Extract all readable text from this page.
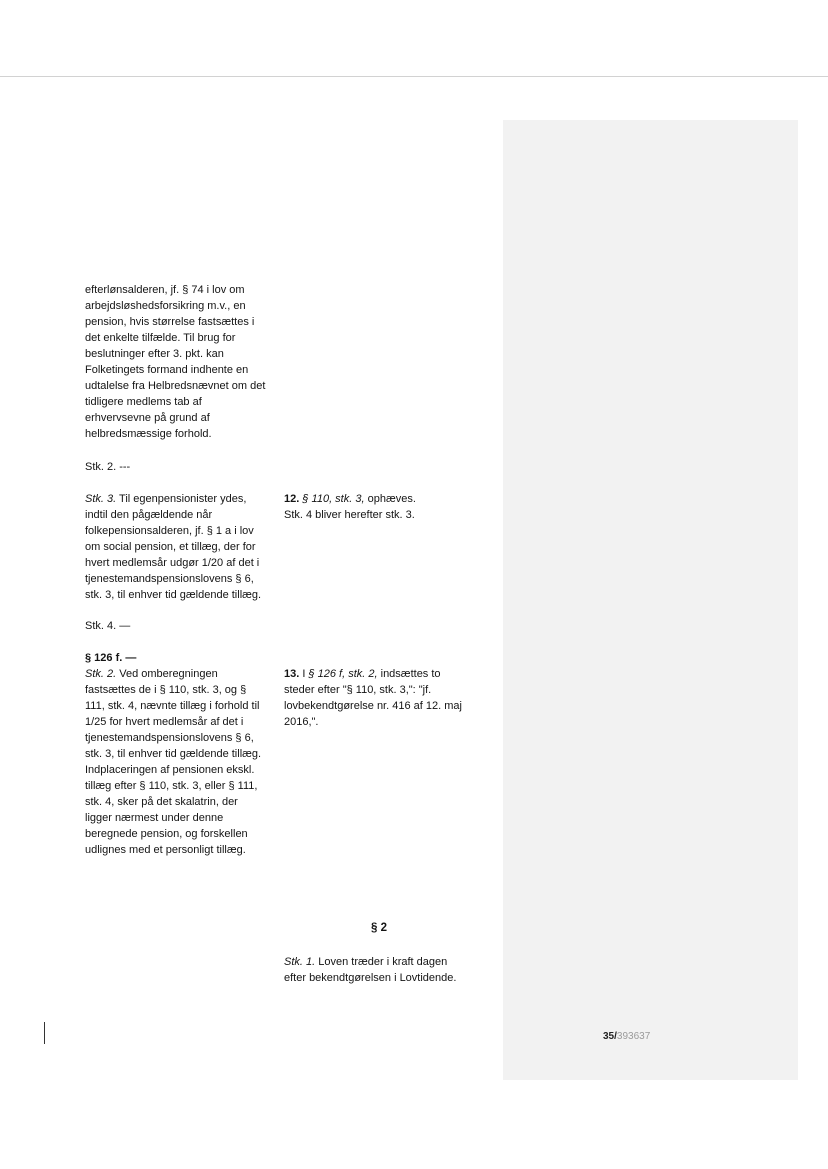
efterlønsalderen, jf. § 74 i lov om
arbejdsløshedsforsikring m.v., en
pension, hvis størrelse fastsættes i
det enkelte tilfælde. Til brug for
beslutninger efter 3. pkt. kan
Folketingets formand indhente en
udtalelse fra Helbredsnævnet om det
tidligere medlems tab af
erhvervsevne på grund af
helbredsmæssige forhold.

Stk. 2. ---

Stk. 3. Til egenpensionister ydes,
indtil den pågældende når
folkepensionsalderen, jf. § 1 a i lov
om social pension, et tillæg, der for
hvert medlemsår udgør 1/20 af det i
tjenestemandspensionslovens § 6,
stk. 3, til enhver tid gældende tillæg.

Stk. 4. —

§ 126 f. —

Stk. 2. Ved omberegningen
fastsættes de i § 110, stk. 3, og §
111, stk. 4, nævnte tillæg i forhold til
1/25 for hvert medlemsår af det i
tjenestemandspensionslovens § 6,
stk. 3, til enhver tid gældende tillæg.
Indplaceringen af pensionen ekskl.
tillæg efter § 110, stk. 3, eller § 111,
stk. 4, sker på det skalatrin, der
ligger nærmest under denne
beregnede pension, og forskellen
udlignes med et personligt tillæg.

12. § 110, stk. 3, ophæves.
Stk. 4 bliver herefter stk. 3.

13. I § 126 f, stk. 2, indsættes to
steder efter "§ 110, stk. 3,": "jf.
lovbekendtgørelse nr. 416 af 12. maj
2016,".

§ 2

Stk. 1. Loven træder i kraft dagen
efter bekendtgørelsen i Lovtidende.

35/393637
